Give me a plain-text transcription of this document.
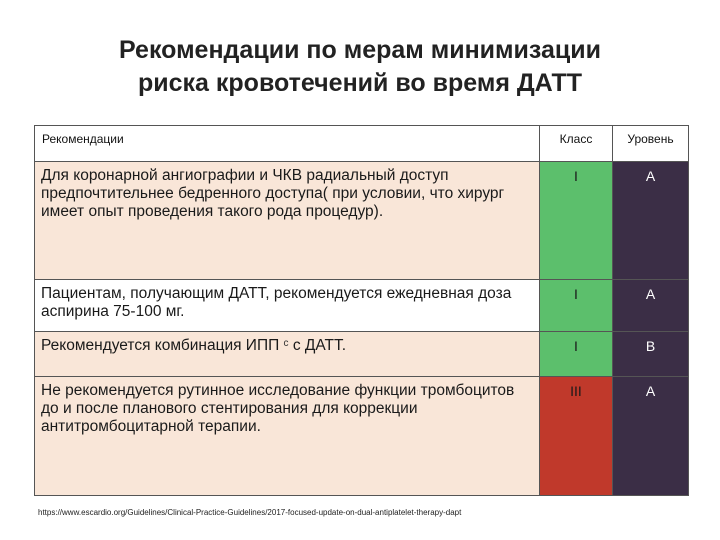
Рекомендации по мерам минимизации
риска кровотечений во время ДАТТ
Рекомендации	Класс	Уровень

Для коронарной ангиографии и ЧКВ радиальный доступ предпочтительнее бедренного доступа( при условии, что хирург имеет опыт проведения такого рода процедур).	I	A

Пациентам, получающим ДАТТ, рекомендуется ежедневная доза аспирина 75-100 мг.	I	A

Рекомендуется комбинация ИПП $^c$ с ДАТТ.	I	B

Не рекомендуется рутинное исследование функции тромбоцитов до и после планового стентирования для коррекции антитромбоцитарной терапии.	III	A
https://www.escardio.org/Guidelines/Clinical-Practice-Guidelines/2017-focused-update-on-dual-antiplatelet-therapy-dapt
